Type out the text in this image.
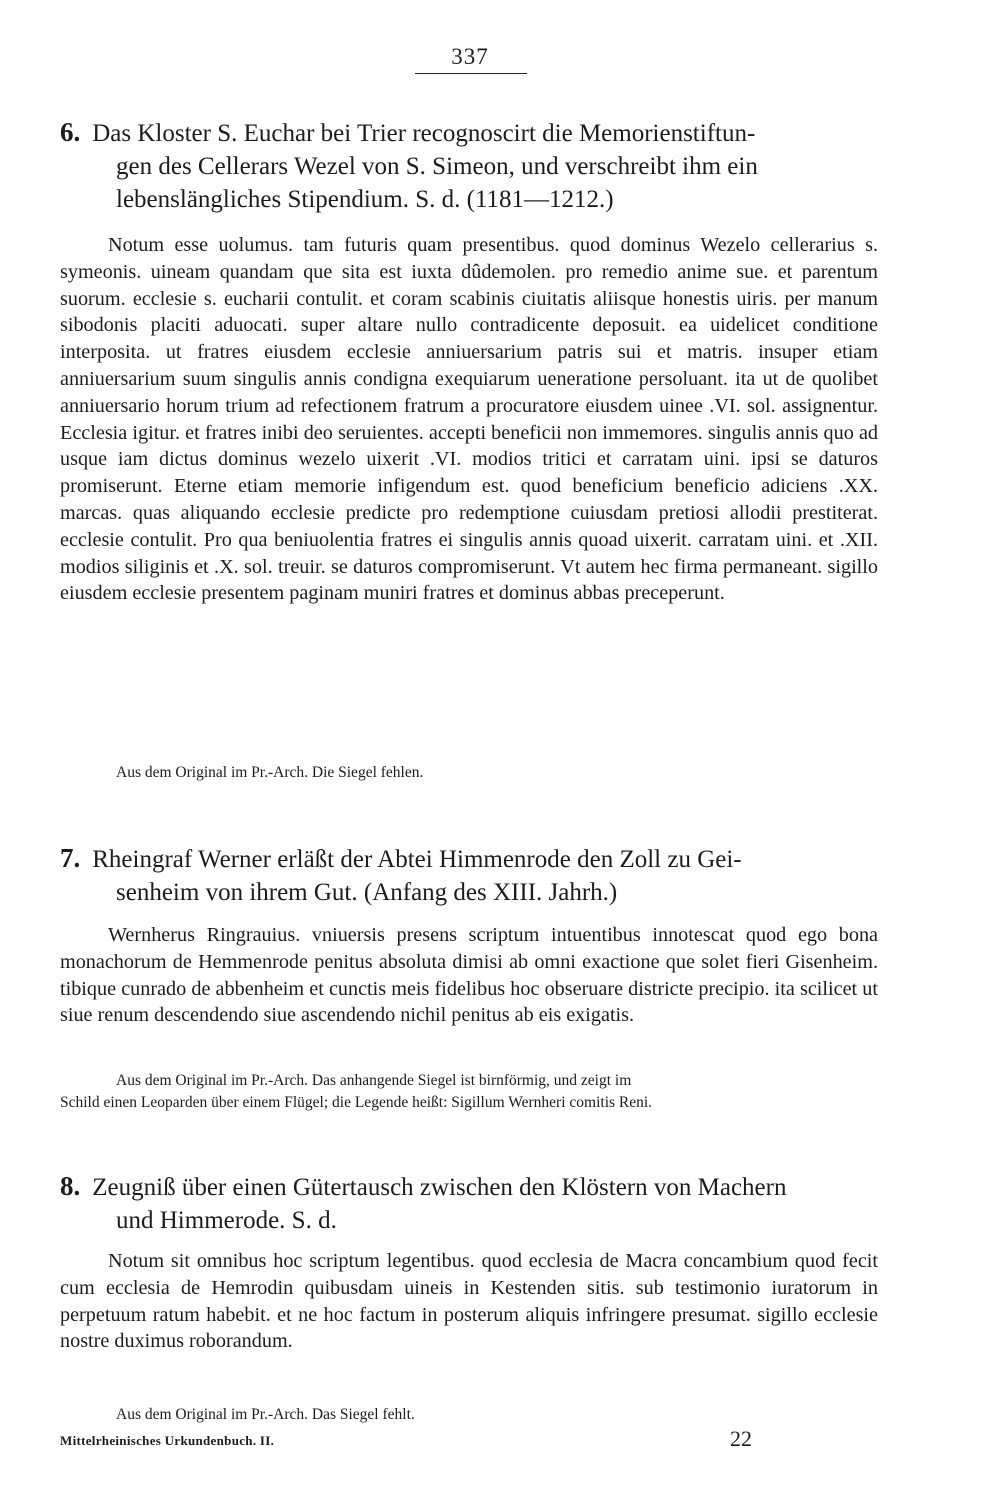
337
6. Das Kloster S. Euchar bei Trier recognoscirt die Memorienstiftun-
gen des Cellerars Wezel von S. Simeon, und verschreibt ihm ein
lebenslängliches Stipendium. S. d. (1181—1212.)

Notum esse uolumus. tam futuris quam presentibus. quod dominus Wezelo cellerarius s. symeonis. uineam quandam que sita est iuxta dûdemolen. pro remedio anime sue. et parentum suorum. ecclesie s. eucharii contulit. et coram scabinis ciuitatis aliisque honestis uiris. per manum sibodonis placiti aduocati. super altare nullo contradicente deposuit. ea uidelicet conditione interposita. ut fratres eiusdem ecclesie anniuersarium patris sui et matris. insuper etiam anniuersarium suum singulis annis condigna exequiarum ueneratione persoluant. ita ut de quolibet anniuersario horum trium ad refectionem fratrum a procuratore eiusdem uinee .VI. sol. assignentur. Ecclesia igitur. et fratres inibi deo seruientes. accepti beneficii non immemores. singulis annis quo ad usque iam dictus dominus wezelo uixerit .VI. modios tritici et carratam uini. ipsi se daturos promiserunt. Eterne etiam memorie infigendum est. quod beneficium beneficio adiciens .XX. marcas. quas aliquando ecclesie predicte pro redemptione cuiusdam pretiosi allodii prestiterat. ecclesie contulit. Pro qua beniuolentia fratres ei singulis annis quoad uixerit. carratam uini. et .XII. modios siliginis et .X. sol. treuir. se daturos compromiserunt. Vt autem hec firma permaneant. sigillo eiusdem ecclesie presentem paginam muniri fratres et dominus abbas preceperunt.

Aus dem Original im Pr.-Arch. Die Siegel fehlen.
7. Rheingraf Werner erläßt der Abtei Himmenrode den Zoll zu Gei-
senheim von ihrem Gut. (Anfang des XIII. Jahrh.)

Wernherus Ringrauius. vniuersis presens scriptum intuentibus innotescat quod ego bona monachorum de Hemmenrode penitus absoluta dimisi ab omni exactione que solet fieri Gisenheim. tibique cunrado de abbenheim et cunctis meis fidelibus hoc obseruare districte precipio. ita scilicet ut siue renum descendendo siue ascendendo nichil penitus ab eis exigatis.

Aus dem Original im Pr.-Arch. Das anhangende Siegel ist birnförmig, und zeigt im
Schild einen Leoparden über einem Flügel; die Legende heißt: Sigillum Wernheri comitis Reni.
8. Zeugniß über einen Gütertausch zwischen den Klöstern von Machern
und Himmerode. S. d.

Notum sit omnibus hoc scriptum legentibus. quod ecclesia de Macra concambium quod fecit cum ecclesia de Hemrodin quibusdam uineis in Kestenden sitis. sub testimonio iuratorum in perpetuum ratum habebit. et ne hoc factum in posterum aliquis infringere presumat. sigillo ecclesie nostre duximus roborandum.

Aus dem Original im Pr.-Arch. Das Siegel fehlt.
Mittelrheinisches Urkundenbuch. II.	22
